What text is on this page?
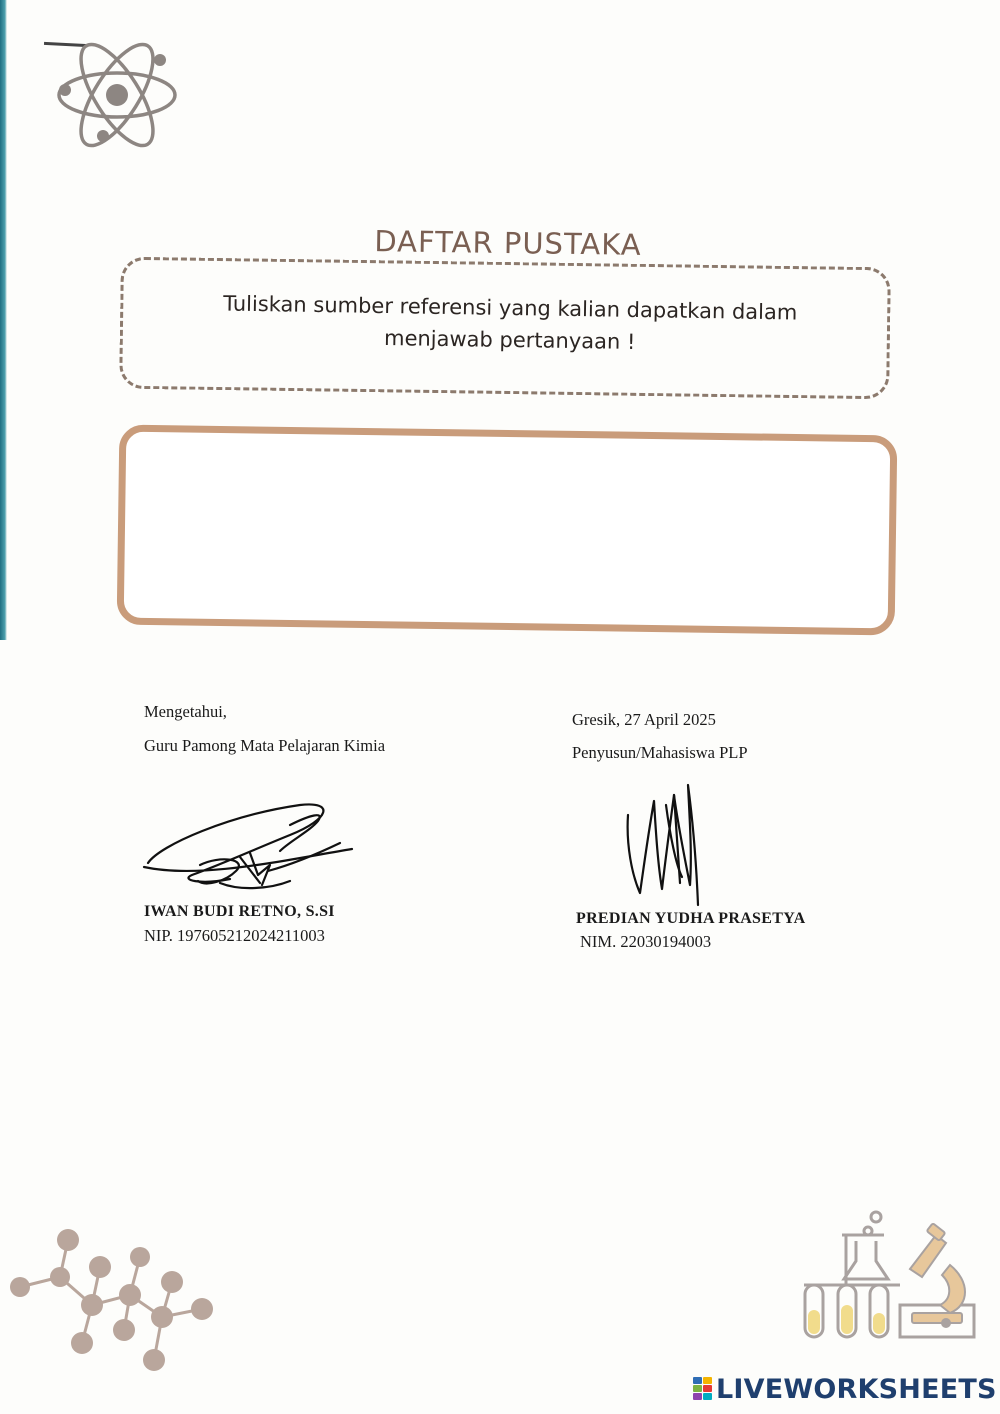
DAFTAR PUSTAKA
Tuliskan sumber referensi yang kalian dapatkan dalam
menjawab pertanyaan !
Mengetahui,
Guru Pamong Mata Pelajaran Kimia
IWAN BUDI RETNO, S.SI
NIP. 197605212024211003
Gresik, 27 April 2025
Penyusun/Mahasiswa PLP
PREDIAN YUDHA PRASETYA
NIM. 22030194003
LIVEWORKSHEETS
